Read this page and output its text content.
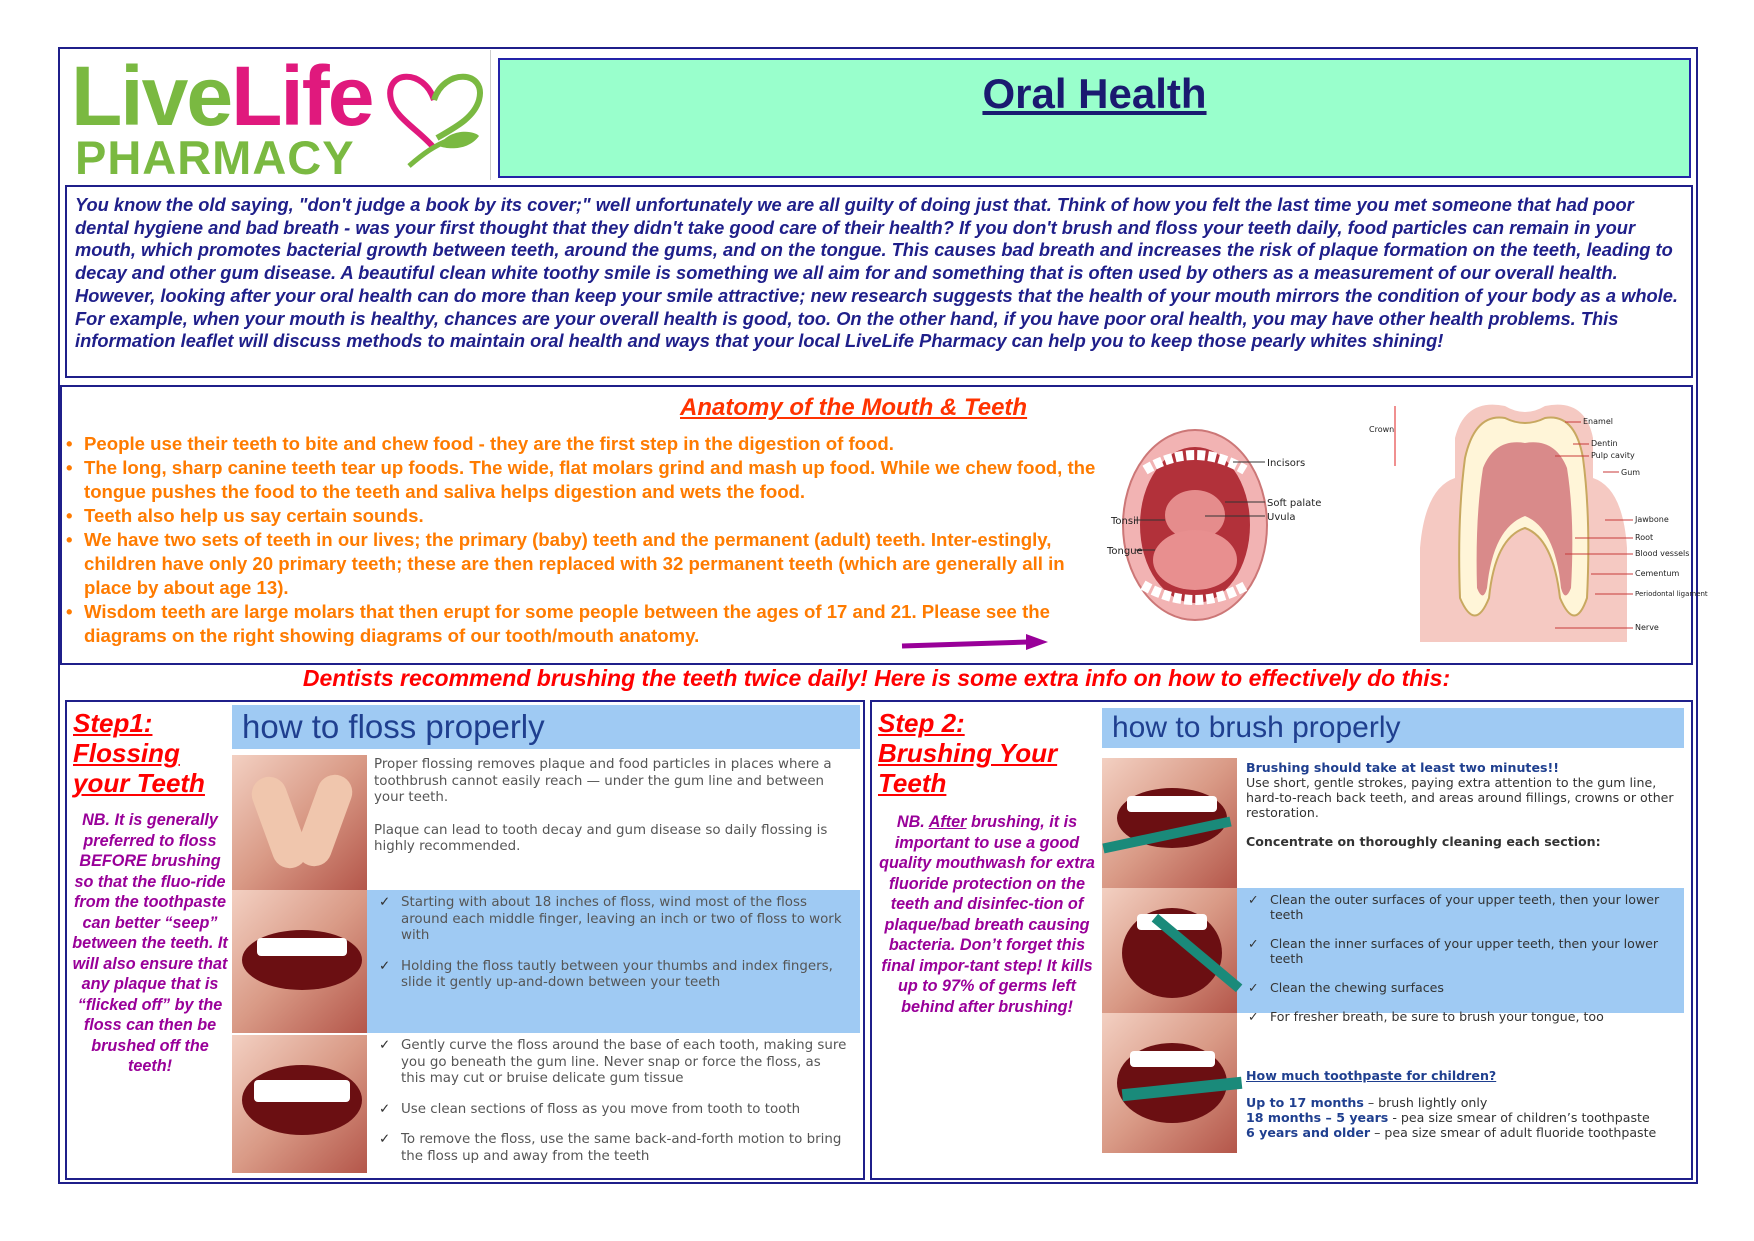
LiveLife
PHARMACY
Oral Health
You know the old saying, "don't judge a book by its cover;" well unfortunately we are all guilty of doing just that. Think of how you felt the last time you met someone that had poor dental hygiene and bad breath - was your first thought that they didn't take good care of their health? If you don't brush and floss your teeth daily, food particles can remain in your mouth, which promotes bacterial growth between teeth, around the gums, and on the tongue. This causes bad breath and increases the risk of plaque formation on the teeth, leading to decay and other gum disease. A beautiful clean white toothy smile is something we all aim for and something that is often used by others as a measurement of our overall health. However, looking after your oral health can do more than keep your smile attractive; new research suggests that the health of your mouth mirrors the condition of your body as a whole. For example, when your mouth is healthy, chances are your overall health is good, too. On the other hand, if you have poor oral health, you may have other health problems. This information leaflet will discuss methods to maintain oral health and ways that your local LiveLife Pharmacy can help you to keep those pearly whites shining!
Anatomy of the Mouth & Teeth
• People use their teeth to bite and chew food - they are the first step in the digestion of food.
• The long, sharp canine teeth tear up foods. The wide, flat molars grind and mash up food. While we chew food, the tongue pushes the food to the teeth and saliva helps digestion and wets the food.
• Teeth also help us say certain sounds.
• We have two sets of teeth in our lives; the primary (baby) teeth and the permanent (adult) teeth. Inter-estingly, children have only 20 primary teeth; these are then replaced with 32 permanent teeth (which are generally all in place by about age 13).
• Wisdom teeth are large molars that then erupt for some people between the ages of 17 and 21. Please see the diagrams on the right showing diagrams of our tooth/mouth anatomy.
Incisors
Soft palate
Uvula
Tonsil
Tongue
Crown
Enamel
Dentin
Pulp cavity
Gum
Jawbone
Root
Blood vessels
Cementum
Periodontal ligament
Nerve
Dentists recommend brushing the teeth twice daily! Here is some extra info on how to effectively do this:
Step1: Flossing your Teeth
NB. It is generally preferred to floss BEFORE brushing so that the fluo-ride from the toothpaste can better “seep” between the teeth. It will also ensure that any plaque that is “flicked off” by the floss can then be brushed off the teeth!
how to floss properly
Proper flossing removes plaque and food particles in places where a toothbrush cannot easily reach — under the gum line and between your teeth.
Plaque can lead to tooth decay and gum disease so daily flossing is highly recommended.
✓ Starting with about 18 inches of floss, wind most of the floss around each middle finger, leaving an inch or two of floss to work with
✓ Holding the floss tautly between your thumbs and index fingers, slide it gently up-and-down between your teeth
✓ Gently curve the floss around the base of each tooth, making sure you go beneath the gum line. Never snap or force the floss, as this may cut or bruise delicate gum tissue
✓ Use clean sections of floss as you move from tooth to tooth
✓ To remove the floss, use the same back-and-forth motion to bring the floss up and away from the teeth
Step 2: Brushing Your Teeth
NB. After brushing, it is important to use a good quality mouthwash for extra fluoride protection on the teeth and disinfec-tion of plaque/bad breath causing bacteria. Don’t forget this final impor-tant step! It kills up to 97% of germs left behind after brushing!
how to brush properly
Brushing should take at least two minutes!!
Use short, gentle strokes, paying extra attention to the gum line, hard-to-reach back teeth, and areas around fillings, crowns or other restoration.
Concentrate on thoroughly cleaning each section:
✓ Clean the outer surfaces of your upper teeth, then your lower teeth
✓ Clean the inner surfaces of your upper teeth, then your lower teeth
✓ Clean the chewing surfaces
✓ For fresher breath, be sure to brush your tongue, too
How much toothpaste for children?
Up to 17 months – brush lightly only
18 months – 5 years - pea size smear of children’s toothpaste
6 years and older – pea size smear of adult fluoride toothpaste
